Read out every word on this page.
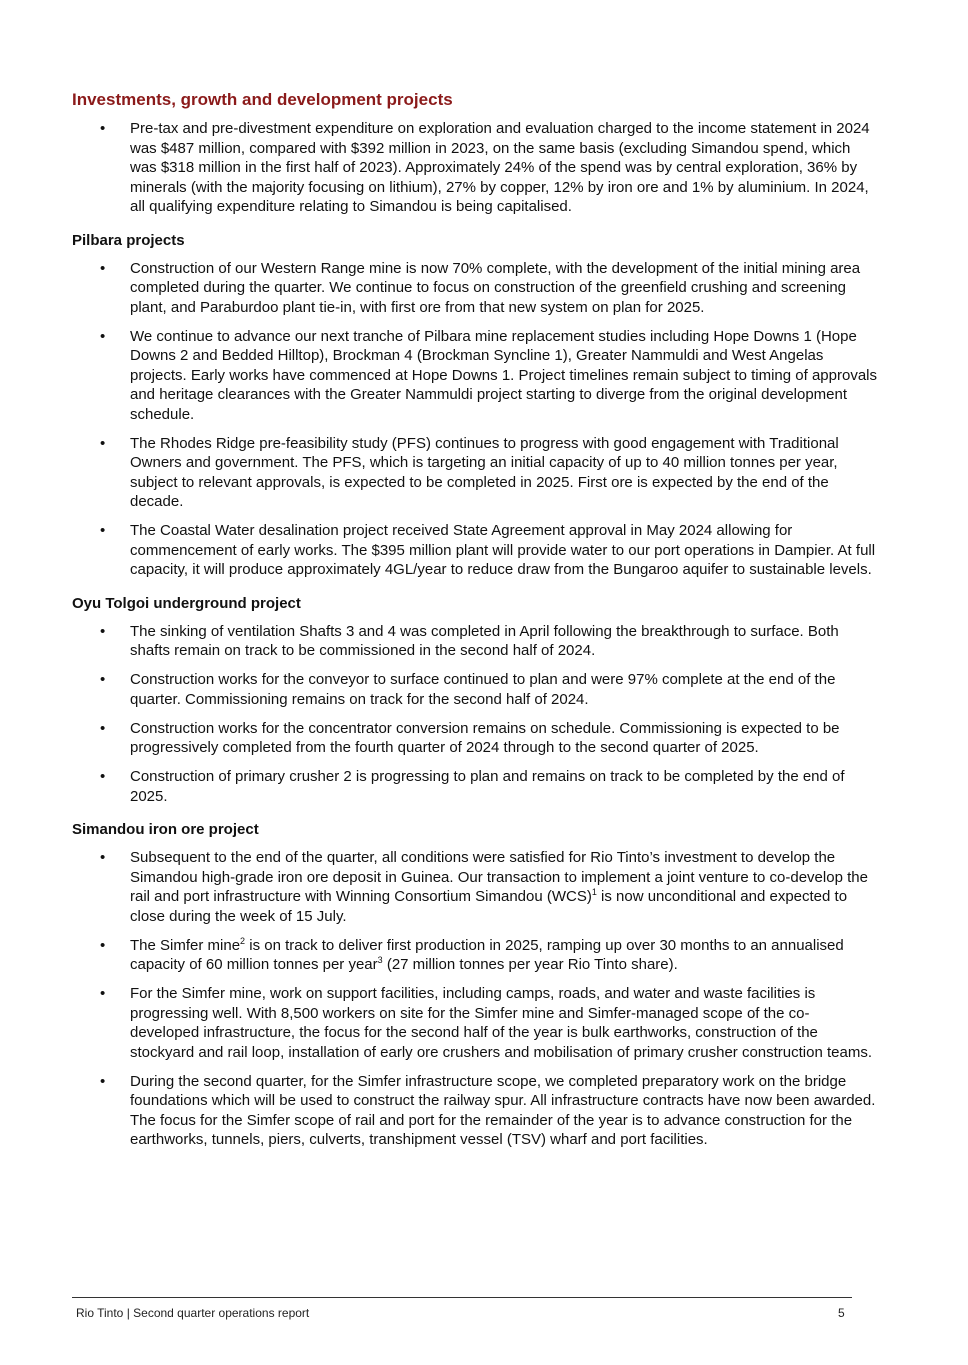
Investments, growth and development projects
• Pre-tax and pre-divestment expenditure on exploration and evaluation charged to the income statement in 2024 was $487 million, compared with $392 million in 2023, on the same basis (excluding Simandou spend, which was $318 million in the first half of 2023). Approximately 24% of the spend was by central exploration, 36% by minerals (with the majority focusing on lithium), 27% by copper, 12% by iron ore and 1% by aluminium. In 2024, all qualifying expenditure relating to Simandou is being capitalised.
Pilbara projects
• Construction of our Western Range mine is now 70% complete, with the development of the initial mining area completed during the quarter. We continue to focus on construction of the greenfield crushing and screening plant, and Paraburdoo plant tie-in, with first ore from that new system on plan for 2025.
• We continue to advance our next tranche of Pilbara mine replacement studies including Hope Downs 1 (Hope Downs 2 and Bedded Hilltop), Brockman 4 (Brockman Syncline 1), Greater Nammuldi and West Angelas projects. Early works have commenced at Hope Downs 1. Project timelines remain subject to timing of approvals and heritage clearances with the Greater Nammuldi project starting to diverge from the original development schedule.
• The Rhodes Ridge pre-feasibility study (PFS) continues to progress with good engagement with Traditional Owners and government. The PFS, which is targeting an initial capacity of up to 40 million tonnes per year, subject to relevant approvals, is expected to be completed in 2025. First ore is expected by the end of the decade.
• The Coastal Water desalination project received State Agreement approval in May 2024 allowing for commencement of early works. The $395 million plant will provide water to our port operations in Dampier. At full capacity, it will produce approximately 4GL/year to reduce draw from the Bungaroo aquifer to sustainable levels.
Oyu Tolgoi underground project
• The sinking of ventilation Shafts 3 and 4 was completed in April following the breakthrough to surface. Both shafts remain on track to be commissioned in the second half of 2024.
• Construction works for the conveyor to surface continued to plan and were 97% complete at the end of the quarter. Commissioning remains on track for the second half of 2024.
• Construction works for the concentrator conversion remains on schedule. Commissioning is expected to be progressively completed from the fourth quarter of 2024 through to the second quarter of 2025.
• Construction of primary crusher 2 is progressing to plan and remains on track to be completed by the end of 2025.
Simandou iron ore project
• Subsequent to the end of the quarter, all conditions were satisfied for Rio Tinto’s investment to develop the Simandou high-grade iron ore deposit in Guinea. Our transaction to implement a joint venture to co-develop the rail and port infrastructure with Winning Consortium Simandou (WCS)$^1$ is now unconditional and expected to close during the week of 15 July.
• The Simfer mine$^2$ is on track to deliver first production in 2025, ramping up over 30 months to an annualised capacity of 60 million tonnes per year$^3$ (27 million tonnes per year Rio Tinto share).
• For the Simfer mine, work on support facilities, including camps, roads, and water and waste facilities is progressing well. With 8,500 workers on site for the Simfer mine and Simfer-managed scope of the co-developed infrastructure, the focus for the second half of the year is bulk earthworks, construction of the stockyard and rail loop, installation of early ore crushers and mobilisation of primary crusher construction teams.
• During the second quarter, for the Simfer infrastructure scope, we completed preparatory work on the bridge foundations which will be used to construct the railway spur. All infrastructure contracts have now been awarded. The focus for the Simfer scope of rail and port for the remainder of the year is to advance construction for the earthworks, tunnels, piers, culverts, transhipment vessel (TSV) wharf and port facilities.
Rio Tinto | Second quarter operations report	5
